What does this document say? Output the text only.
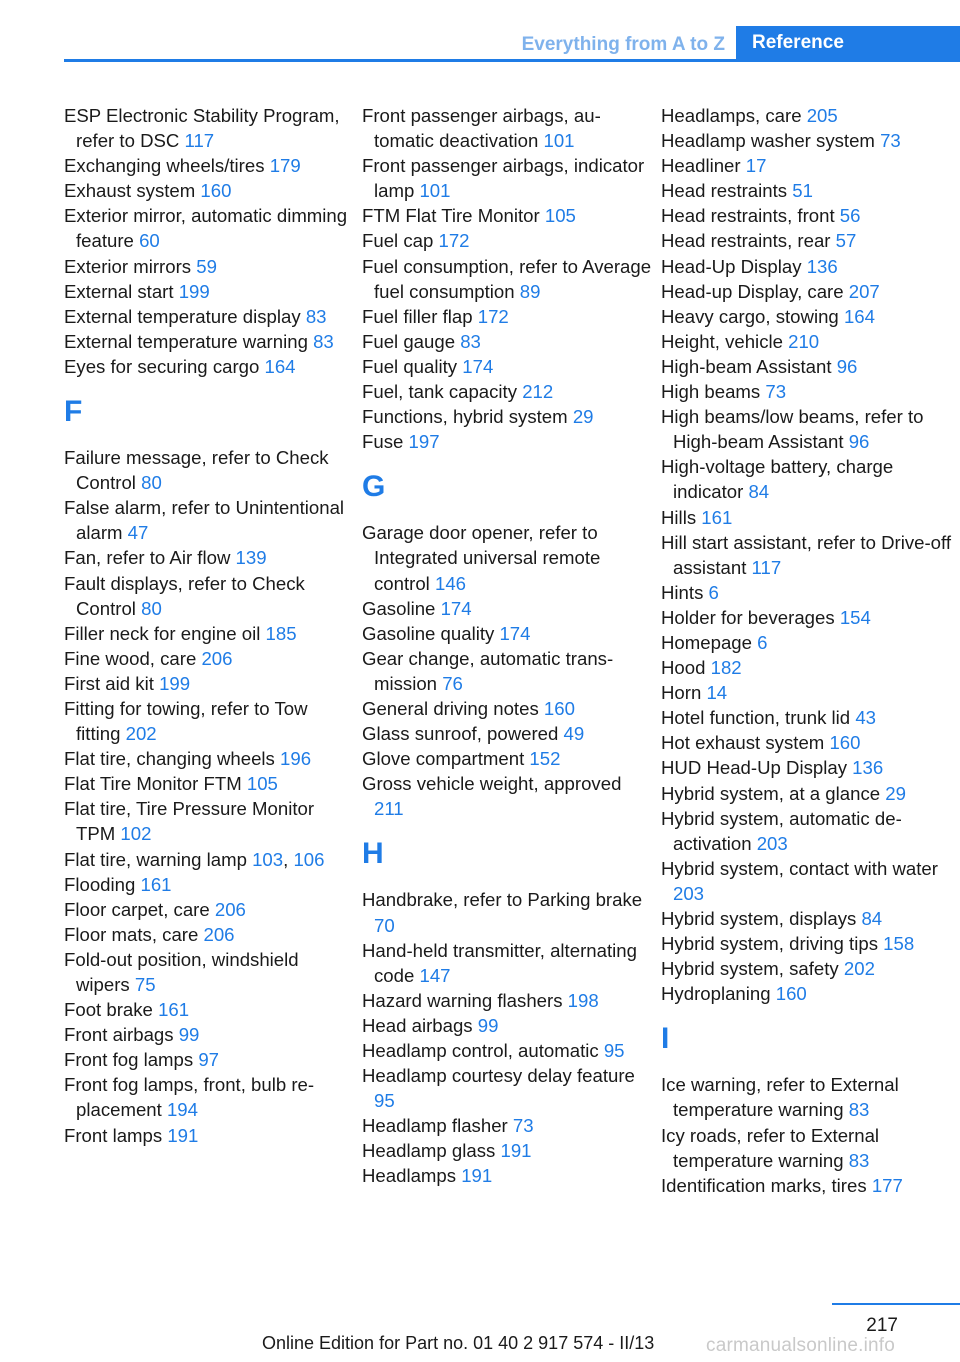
Everything from A to Z	Reference

ESP Electronic Stability Program, refer to DSC 117

Exchanging wheels/tires 179

Exhaust system 160

Exterior mirror, automatic dimming feature 60

Exterior mirrors 59

External start 199

External temperature display 83

External temperature warning 83

Eyes for securing cargo 164

F

Failure message, refer to Check Control 80

False alarm, refer to Unintentional alarm 47

Fan, refer to Air flow 139

Fault displays, refer to Check Control 80

Filler neck for engine oil 185

Fine wood, care 206

First aid kit 199

Fitting for towing, refer to Tow fitting 202

Flat tire, changing wheels 196

Flat Tire Monitor FTM 105

Flat tire, Tire Pressure Monitor TPM 102

Flat tire, warning lamp 103, 106

Flooding 161

Floor carpet, care 206

Floor mats, care 206

Fold-out position, windshield wipers 75

Foot brake 161

Front airbags 99

Front fog lamps 97

Front fog lamps, front, bulb replacement 194

Front lamps 191

Front passenger airbags, automatic deactivation 101

Front passenger airbags, indicator lamp 101

FTM Flat Tire Monitor 105

Fuel cap 172

Fuel consumption, refer to Average fuel consumption 89

Fuel filler flap 172

Fuel gauge 83

Fuel quality 174

Fuel, tank capacity 212

Functions, hybrid system 29

Fuse 197

G

Garage door opener, refer to Integrated universal remote control 146

Gasoline 174

Gasoline quality 174

Gear change, automatic transmission 76

General driving notes 160

Glass sunroof, powered 49

Glove compartment 152

Gross vehicle weight, approved 211

H

Handbrake, refer to Parking brake 70

Hand-held transmitter, alternating code 147

Hazard warning flashers 198

Head airbags 99

Headlamp control, automatic 95

Headlamp courtesy delay feature 95

Headlamp flasher 73

Headlamp glass 191

Headlamps 191

Headlamps, care 205

Headlamp washer system 73

Headliner 17

Head restraints 51

Head restraints, front 56

Head restraints, rear 57

Head-Up Display 136

Head-up Display, care 207

Heavy cargo, stowing 164

Height, vehicle 210

High-beam Assistant 96

High beams 73

High beams/low beams, refer to High-beam Assistant 96

High-voltage battery, charge indicator 84

Hills 161

Hill start assistant, refer to Drive-off assistant 117

Hints 6

Holder for beverages 154

Homepage 6

Hood 182

Horn 14

Hotel function, trunk lid 43

Hot exhaust system 160

HUD Head-Up Display 136

Hybrid system, at a glance 29

Hybrid system, automatic deactivation 203

Hybrid system, contact with water 203

Hybrid system, displays 84

Hybrid system, driving tips 158

Hybrid system, safety 202

Hydroplaning 160

I

Ice warning, refer to External temperature warning 83

Icy roads, refer to External temperature warning 83

Identification marks, tires 177

217
Online Edition for Part no. 01 40 2 917 574 - II/13	carmanualsonline.info
